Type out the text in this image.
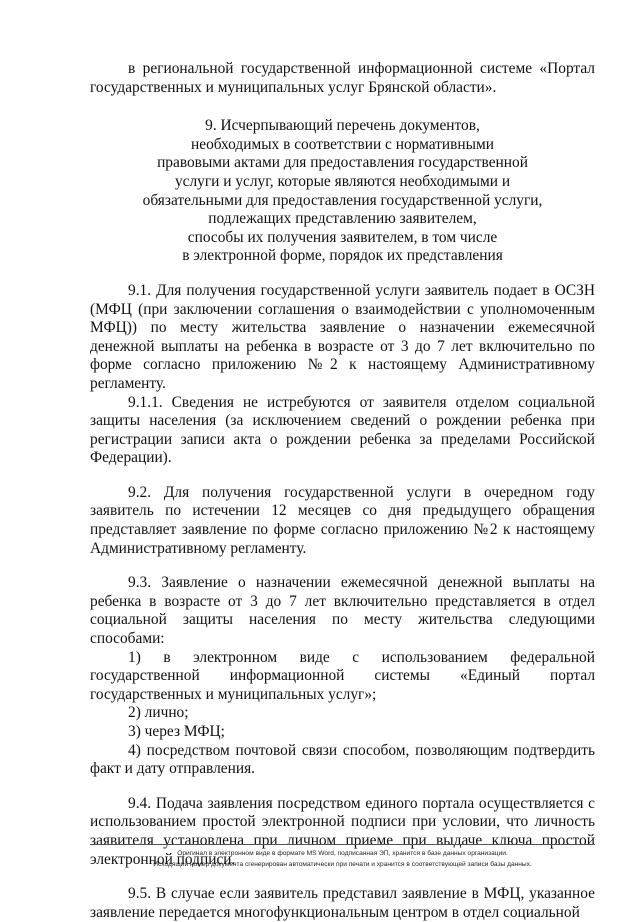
в региональной государственной информационной системе «Портал государственных и муниципальных услуг Брянской области».

9. Исчерпывающий перечень документов,
необходимых в соответствии с нормативными
правовыми актами для предоставления государственной
услуги и услуг, которые являются необходимыми и
обязательными для предоставления государственной услуги,
подлежащих представлению заявителем,
способы их получения заявителем, в том числе
в электронной форме, порядок их представления

9.1. Для получения государственной услуги заявитель подает в ОСЗН (МФЦ (при заключении соглашения о взаимодействии с уполномоченным МФЦ)) по месту жительства заявление о назначении ежемесячной денежной выплаты на ребенка в возрасте от 3 до 7 лет включительно по форме согласно приложению №2 к настоящему Административному регламенту.

9.1.1. Сведения не истребуются от заявителя отделом социальной защиты населения (за исключением сведений о рождении ребенка при регистрации записи акта о рождении ребенка за пределами Российской Федерации).

9.2. Для получения государственной услуги в очередном году заявитель по истечении 12 месяцев со дня предыдущего обращения представляет заявление по форме согласно приложению №2 к настоящему Административному регламенту.

9.3. Заявление о назначении ежемесячной денежной выплаты на ребенка в возрасте от 3 до 7 лет включительно представляется в отдел социальной защиты населения по месту жительства следующими способами:

1) в электронном виде с использованием федеральной государственной информационной системы «Единый портал государственных и муниципальных услуг»;

2) лично;

3) через МФЦ;

4) посредством почтовой связи способом, позволяющим подтвердить факт и дату отправления.

9.4. Подача заявления посредством единого портала осуществляется с использованием простой электронной подписи при условии, что личность заявителя установлена при личном приеме при выдаче ключа простой электронной подписи.

9.5. В случае если заявитель представил заявление в МФЦ, указанное заявление передается многофункциональным центром в отдел социальной

Оригинал в электронном виде в формате MS Word, подписанная ЭП, хранится в базе данных организации.
Исходящий номер документа сгенерирован автоматически при печати и хранится в соответствующей записи базы данных.
